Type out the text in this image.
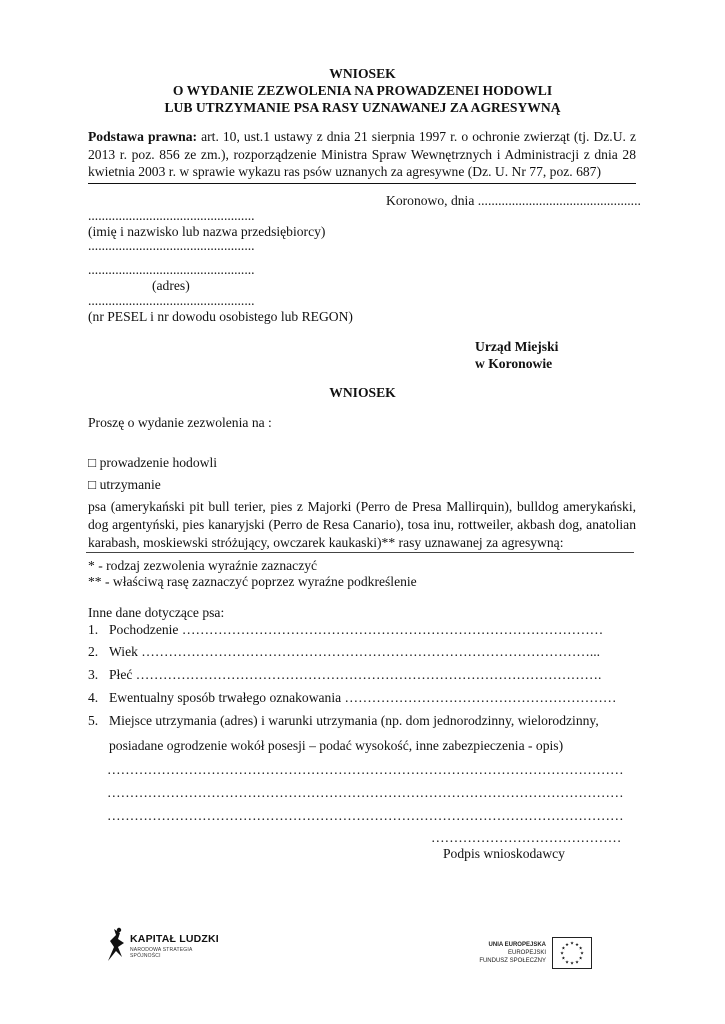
WNIOSEK
O WYDANIE ZEZWOLENIA NA PROWADZENEI HODOWLI
LUB UTRZYMANIE PSA RASY UZNAWANEJ ZA AGRESYWNĄ
Podstawa prawna: art. 10, ust.1 ustawy z dnia 21 sierpnia 1997 r. o ochronie zwierząt (tj. Dz.U. z 2013 r. poz. 856 ze zm.), rozporządzenie Ministra Spraw Wewnętrznych i Administracji z dnia 28 kwietnia 2003 r. w sprawie wykazu ras psów uznanych za agresywne (Dz. U. Nr 77, poz. 687)
Koronowo, dnia ................................................
.................................................
(imię i nazwisko lub nazwa przedsiębiorcy)
.................................................
.................................................
(adres)
.................................................
(nr PESEL i nr dowodu osobistego lub REGON)
Urząd Miejski
w Koronowie
WNIOSEK
Proszę o wydanie zezwolenia na :
□ prowadzenie hodowli
□ utrzymanie
psa (amerykański pit bull terier, pies z Majorki (Perro de Presa Mallirquin), bulldog amerykański, dog argentyński, pies kanaryjski (Perro de Resa Canario), tosa inu, rottweiler, akbash dog, anatolian karabash, moskiewski stróżujący, owczarek kaukaski)** rasy uznawanej za agresywną:
* - rodzaj zezwolenia wyraźnie zaznaczyć
** - właściwą rasę zaznaczyć poprzez wyraźne podkreślenie
Inne dane dotyczące psa:
1. Pochodzenie …………………………………………………………………………………
2. Wiek ………………………………………………………………………………………...
3. Płeć ………………………………………………………………………………………….
4. Ewentualny sposób trwałego oznakowania ……………………………………………………
5. Miejsce utrzymania (adres) i warunki utrzymania (np. dom jednorodzinny, wielorodzinny,
posiadane ogrodzenie wokół posesji – podać wysokość, inne zabezpieczenia - opis)
……………………………………………………………………………………………………
……………………………………………………………………………………………………
……………………………………………………………………………………………………
……………………………………
Podpis wnioskodawcy
KAPITAŁ LUDZKI
NARODOWA STRATEGIA SPÓJNOŚCI
UNIA EUROPEJSKA
EUROPEJSKI
FUNDUSZ SPOŁECZNY
★
★
★
★
★
★
★
★
★ ★ ★
★
